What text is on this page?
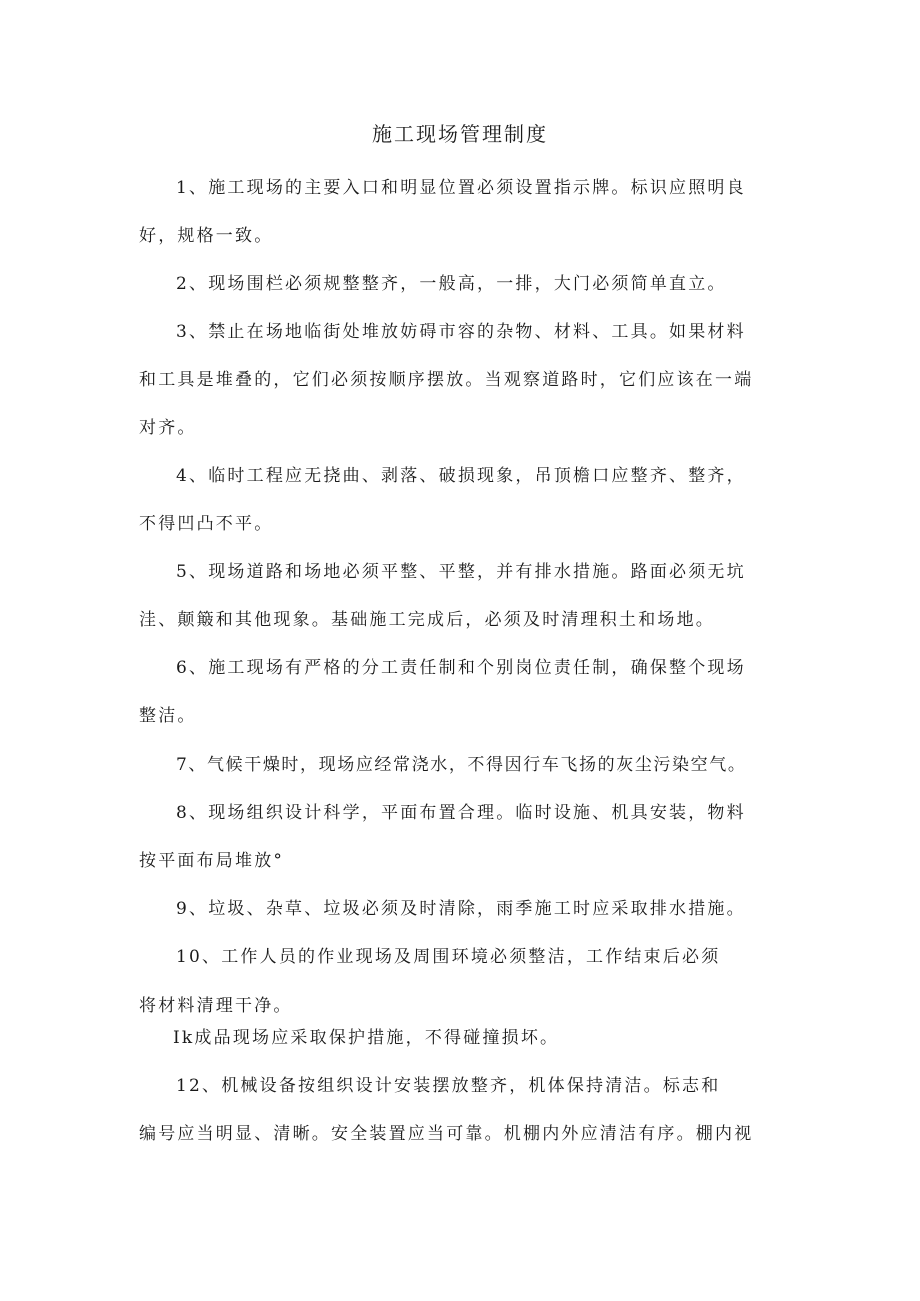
施工现场管理制度
1、施工现场的主要入口和明显位置必须设置指示牌。标识应照明良
好，规格一致。
2、现场围栏必须规整整齐，一般高，一排，大门必须简单直立。
3、禁止在场地临街处堆放妨碍市容的杂物、材料、工具。如果材料
和工具是堆叠的，它们必须按顺序摆放。当观察道路时，它们应该在一端
对齐。
4、临时工程应无挠曲、剥落、破损现象，吊顶檐口应整齐、整齐，
不得凹凸不平。
5、现场道路和场地必须平整、平整，并有排水措施。路面必须无坑
洼、颠簸和其他现象。基础施工完成后，必须及时清理积土和场地。
6、施工现场有严格的分工责任制和个别岗位责任制，确保整个现场
整洁。
7、气候干燥时，现场应经常浇水，不得因行车飞扬的灰尘污染空气。
8、现场组织设计科学，平面布置合理。临时设施、机具安装，物料
按平面布局堆放°
9、垃圾、杂草、垃圾必须及时清除，雨季施工时应采取排水措施。
10、工作人员的作业现场及周围环境必须整洁，工作结束后必须
将材料清理干净。
Ik成品现场应采取保护措施，不得碰撞损坏。
12、机械设备按组织设计安装摆放整齐，机体保持清洁。标志和
编号应当明显、清晰。安全装置应当可靠。机棚内外应清洁有序。棚内视
